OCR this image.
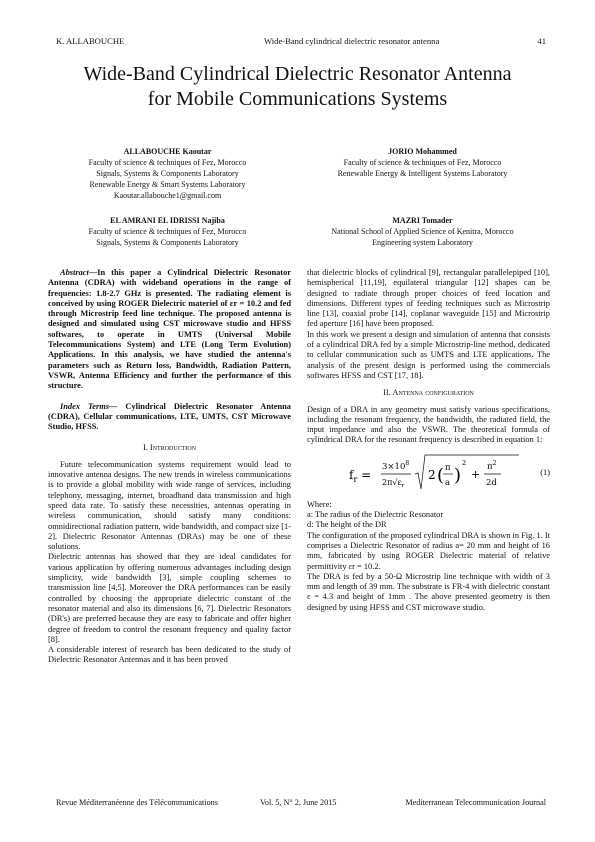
K. ALLABOUCHE	Wide-Band cylindrical dielectric resonator antenna	41
Wide-Band Cylindrical Dielectric Resonator Antenna
for Mobile Communications Systems
ALLABOUCHE Kaoutar
Faculty of science & techniques of Fez, Morocco
Signals, Systems & Components Laboratory
Renewable Energy & Smart Systems Laboratory
Kaoutar.allabouche1@gmail.com
JORIO Mohammed
Faculty of science & techniques of Fez, Morocco
Renewable Energy & Intelligent Systems Laboratory
EL AMRANI EL IDRISSI Najiba
Faculty of science & techniques of Fez, Morocco
Signals, Systems & Components Laboratory
MAZRI Tomader
National School of Applied Science of Kenitra, Morocco
Engineering system Laboratory

Abstract—In this paper a Cylindrical Dielectric Resonator Antenna (CDRA) with wideband operations in the range of frequencies: 1.8-2.7 GHz is presented. The radiating element is conceived by using ROGER Dielectric materiel of εr = 10.2 and fed through Microstrip feed line technique. The proposed antenna is designed and simulated using CST microwave studio and HFSS softwares, to operate in UMTS (Universal Mobile Telecommunications System) and LTE (Long Term Evolution) Applications. In this analysis, we have studied the antenna's parameters such as Return loss, Bandwidth, Radiation Pattern, VSWR, Antenna Efficiency and further the performance of this structure.

Index Terms— Cylindrical Dielectric Resonator Antenna (CDRA), Cellular communications, LTE, UMTS, CST Microwave Studio, HFSS.

I. Introduction

Future telecommunication systems requirement would lead to innovative antenna designs. The new trends in wireless communications is to provide a global mobility with wide range of services, including telephony, messaging, internet, broadband data transmission and high speed data rate. To satisfy these necessities, antennas operating in wireless communication, should satisfy many conditions: omnidirectional radiation pattern, wide bandwidth, and compact size [1-2]. Dielectric Resonator Antennas (DRAs) may be one of these solutions.

Dielectric antennas has showed that they are ideal candidates for various application by offering numerous advantages including design simplicity, wide bandwidth [3], simple coupling schemes to transmission line [4,5]. Moreover the DRA performances can be easily controlled by choosing the appropriate dielectric constant of the resonator material and also its dimensions [6, 7]. Dielectric Resonators (DR's) are preferred because they are easy to fabricate and offer higher degree of freedom to control the resonant frequency and quality factor [8].

A considerable interest of research has been dedicated to the study of Dielectric Resonator Antennas and it has been proved

that dielectric blocks of cylindrical [9], rectangular parallelepiped [10], hemispherical [11,19], equilateral triangular [12] shapes can be designed to radiate through proper choices of feed location and dimensions. Different types of feeding techniques such as Microstrip line [13], coaxial probe [14], coplanar waveguide [15] and Microstrip fed aperture [16] have been proposed.

In this work we present a design and simulation of antenna that consists of a cylindrical DRA fed by a simple Microstrip-line method, dedicated to cellular communication such as UMTS and LTE applications. The analysis of the present design is performed using the commercials softwares HFSS and CST [17, 18].

II. Antenna configuration

Design of a DRA in any geometry must satisfy various specifications, including the resonant frequency, the bandwidth, the radiated field, the input impedance and also the VSWR. The theoretical formula of cylindrical DRA for the resonant frequency is described in equation 1:

$f_r$ =
$3\times 10^8$
$2\pi√\varepsilon_r$
2 ( π
a )
2
+
$\pi^2$
2d
(1)

Where:

a: The radius of the Dielectric Resonator

d: The height of the DR

The configuration of the proposed cylindrical DRA is shown in Fig. 1. It comprises a Dielectric Resonator of radius a= 20 mm and height of 16 mm, fabricated by using ROGER Dielectric material of relative permittivity εr = 10.2.

The DRA is fed by a 50-Ω Microstrip line technique with width of 3 mm and length of 39 mm. The substrate is FR-4 with dielectric constant ε = 4.3 and height of 1mm . The above presented geometry is then designed by using HFSS and CST microwave studio.

Revue Méditerranéenne des Télécommunications	Vol. 5, N° 2, June 2015	Mediterranean Telecommunication Journal
